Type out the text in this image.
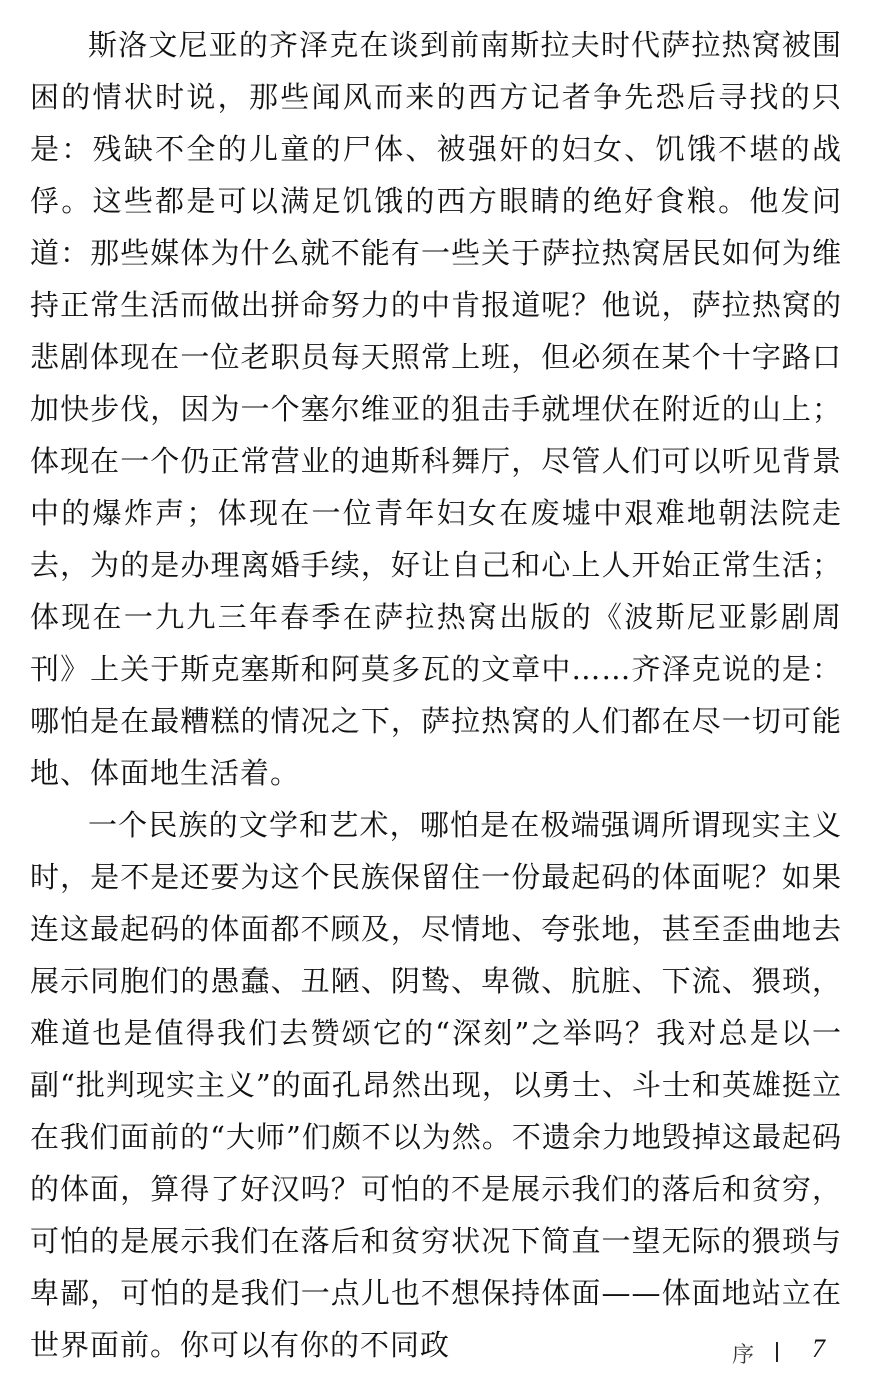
斯洛文尼亚的齐泽克在谈到前南斯拉夫时代萨拉热窝被围困的情状时说，那些闻风而来的西方记者争先恐后寻找的只是：残缺不全的儿童的尸体、被强奸的妇女、饥饿不堪的战俘。这些都是可以满足饥饿的西方眼睛的绝好食粮。他发问道：那些媒体为什么就不能有一些关于萨拉热窝居民如何为维持正常生活而做出拼命努力的中肯报道呢？他说，萨拉热窝的悲剧体现在一位老职员每天照常上班，但必须在某个十字路口加快步伐，因为一个塞尔维亚的狙击手就埋伏在附近的山上；体现在一个仍正常营业的迪斯科舞厅，尽管人们可以听见背景中的爆炸声；体现在一位青年妇女在废墟中艰难地朝法院走去，为的是办理离婚手续，好让自己和心上人开始正常生活；体现在一九九三年春季在萨拉热窝出版的《波斯尼亚影剧周刊》上关于斯克塞斯和阿莫多瓦的文章中……齐泽克说的是：哪怕是在最糟糕的情况之下，萨拉热窝的人们都在尽一切可能地、体面地生活着。

一个民族的文学和艺术，哪怕是在极端强调所谓现实主义时，是不是还要为这个民族保留住一份最起码的体面呢？如果连这最起码的体面都不顾及，尽情地、夸张地，甚至歪曲地去展示同胞们的愚蠢、丑陋、阴鸷、卑微、肮脏、下流、猥琐，难道也是值得我们去赞颂它的“深刻”之举吗？我对总是以一副“批判现实主义”的面孔昂然出现，以勇士、斗士和英雄挺立在我们面前的“大师”们颇不以为然。不遗余力地毁掉这最起码的体面，算得了好汉吗？可怕的不是展示我们的落后和贫穷，可怕的是展示我们在落后和贫穷状况下简直一望无际的猥琐与卑鄙，可怕的是我们一点儿也不想保持体面——体面地站立在世界面前。你可以有你的不同政	序 7
